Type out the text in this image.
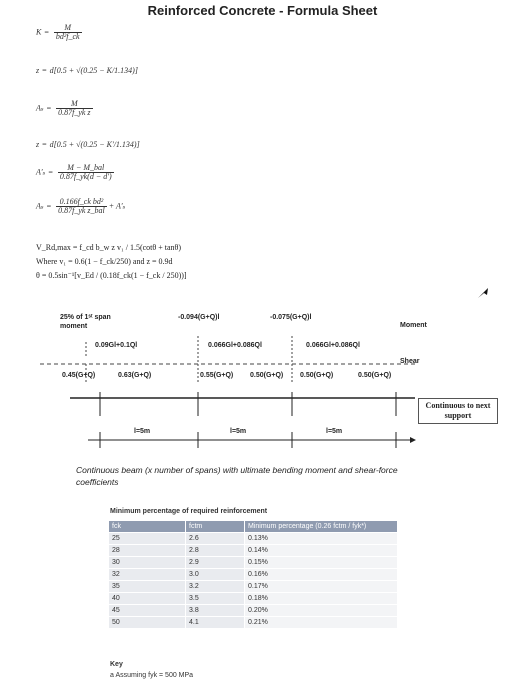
Reinforced Concrete - Formula Sheet
$K = \frac{M}{\text{bd²f\_ck}}$
z = d[0.5 + √(0.25 − K/1.134)]
$A_s = \frac{M}{\text{0.87f\_yk z}}$
z = d[0.5 + √(0.25 − K′/1.134)]
$A'_s = \frac{\text{M − M\_bal}}{0.87f\_yk(d - d')}$
$A_s = \frac{\text{0.166f\_ck bd²}}{\text{0.87f\_yk z\_bal}} + A'_s$
V_Rd,max = f_cd b_w z v₁ / 1.5(cotθ + tanθ)
Where v₁ = 0.6(1 − f_ck/250) and z = 0.9d
θ = 0.5sin⁻¹[v_Ed / (0.18f_ck(1 − f_ck / 250))]
25% of 1ˢᵗ span
moment
-0.094(G+Q)l	-0.075(G+Q)l
Moment
0.09Gl+0.1Ql	0.066Gl+0.086Ql	0.066Gl+0.086Ql
Shear
0.45(G+Q)	0.63(G+Q)	0.55(G+Q) 0.50(G+Q) 0.50(G+Q)	0.50(G+Q)
Continuous to next support
l=5m	l=5m	l=5m
Continuous beam (x number of spans) with ultimate bending moment and shear-force coefficients
Minimum percentage of required reinforcement
fck	fctm	Minimum percentage (0.26 fctm / fyk*)
25	2.6	0.13%
28	2.8	0.14%
30	2.9	0.15%
32	3.0	0.16%
35	3.2	0.17%
40	3.5	0.18%
45	3.8	0.20%
50	4.1	0.21%
Key
a Assuming fyk = 500 MPa
